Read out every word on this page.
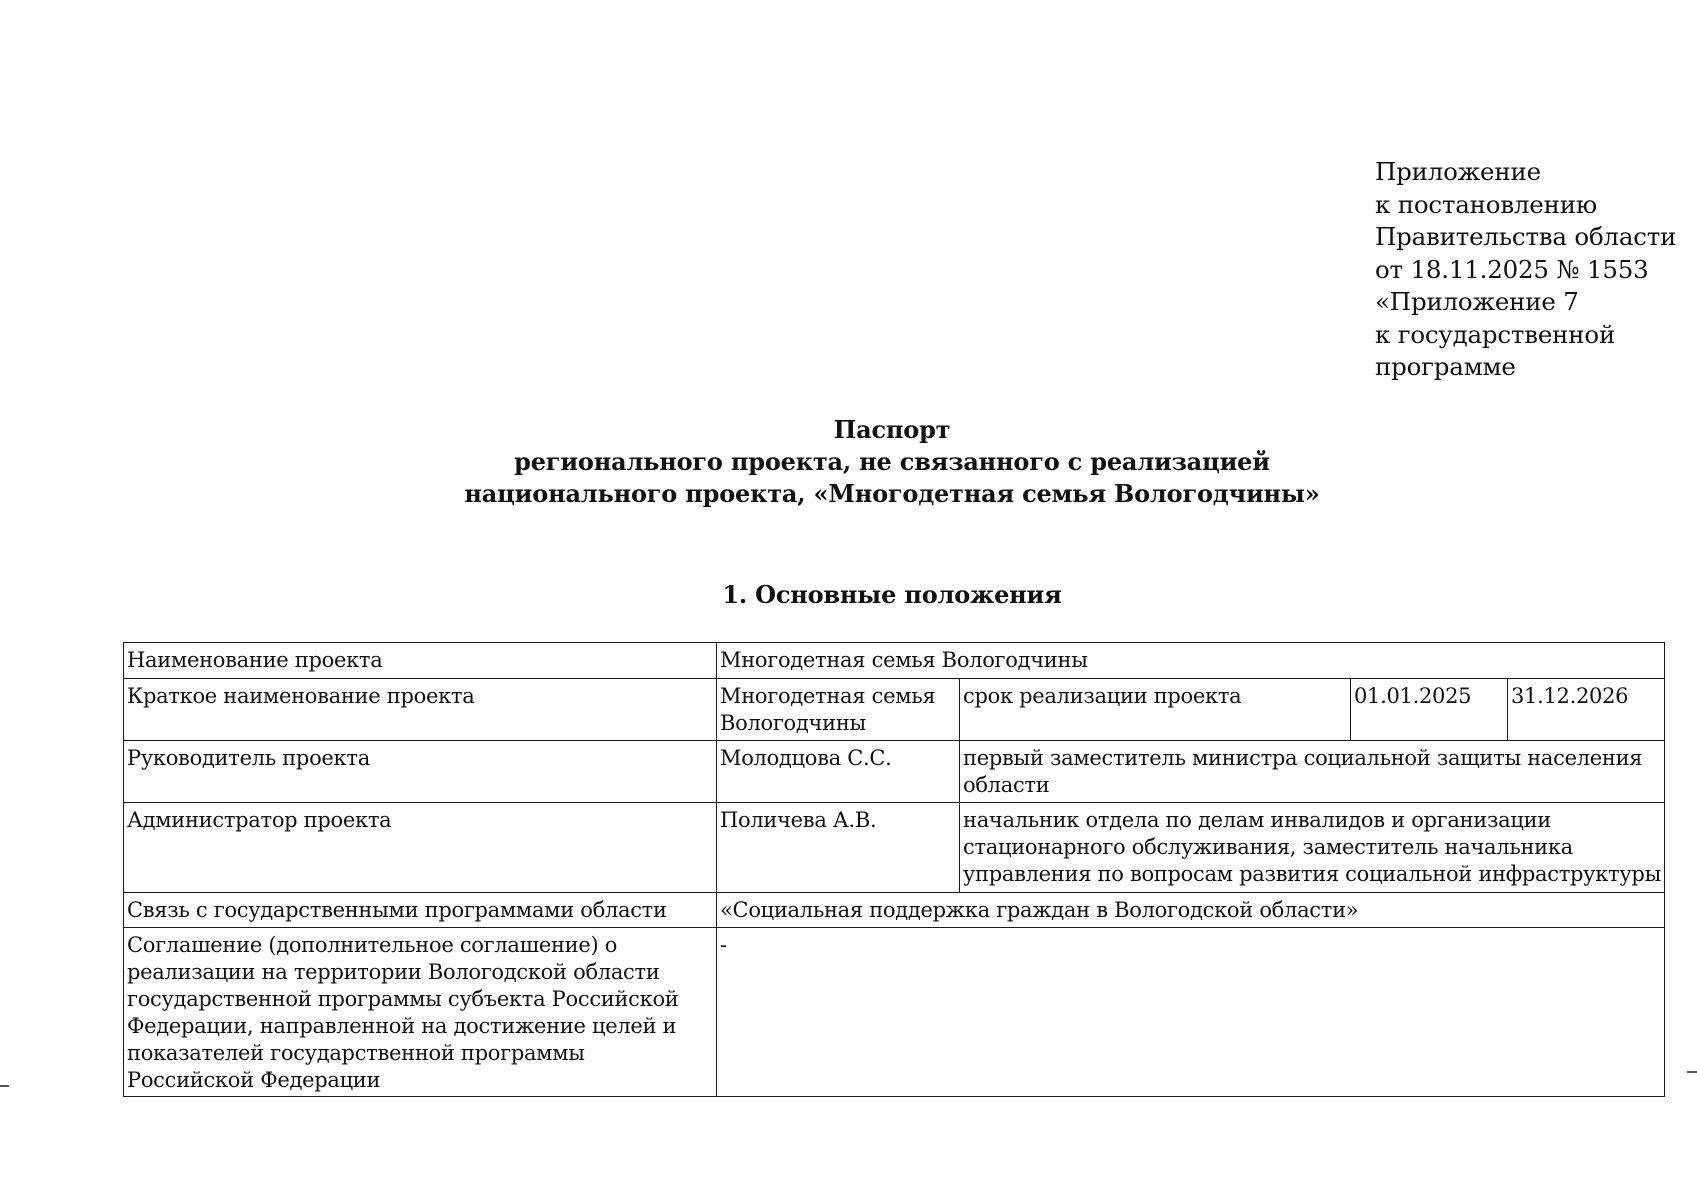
Приложение
к постановлению
Правительства области
от 18.11.2025 № 1553
«Приложение 7
к государственной
программе
Паспорт
регионального проекта, не связанного с реализацией
национального проекта, «Многодетная семья Вологодчины»
1. Основные положения
Наименование проекта	Многодетная семья Вологодчины			
Краткое наименование проекта	Многодетная семья Вологодчины	срок реализации проекта	01.01.2025	31.12.2026
Руководитель проекта	Молодцова С.С.	первый заместитель министра социальной защиты населения области		
Администратор проекта	Поличева А.В.	начальник отдела по делам инвалидов и организации стационарного обслуживания, заместитель начальника управления по вопросам развития социальной инфраструктуры		
Связь с государственными программами области	«Социальная поддержка граждан в Вологодской области»			
Соглашение (дополнительное соглашение) о реализации на территории Вологодской области государственной программы субъекта Российской Федерации, направленной на достижение целей и показателей государственной программы Российской Федерации	-			
